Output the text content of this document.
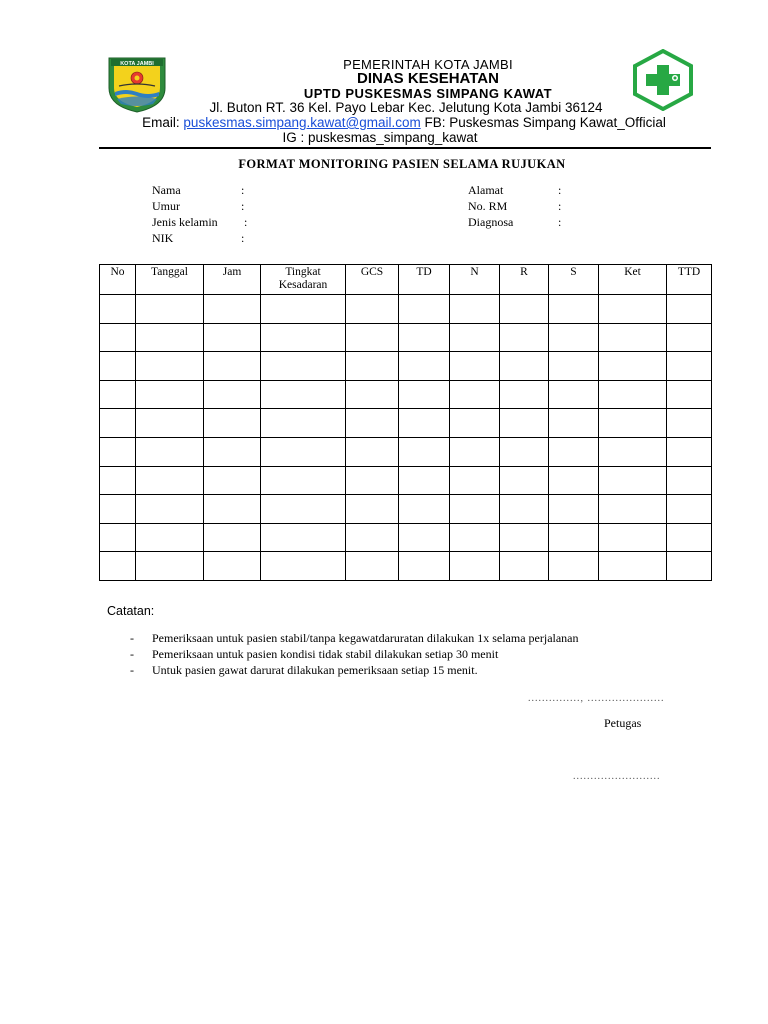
KOTA JAMBI	PEMERINTAH KOTA JAMBI
DINAS KESEHATAN
UPTD PUSKESMAS SIMPANG KAWAT
Jl. Buton RT. 36 Kel. Payo Lebar Kec. Jelutung Kota Jambi 36124
Email: puskesmas.simpang.kawat@gmail.com FB: Puskesmas Simpang Kawat_Official
IG : puskesmas_simpang_kawat
FORMAT MONITORING PASIEN SELAMA RUJUKAN
Nama	:
Umur	:
Jenis kelamin :
NIK	:
Alamat	:
No. RM	:
Diagnosa	:
No	Tanggal	Jam	Tingkat Kesadaran	GCS	TD	N	R	S	Ket	TTD

Catatan:
- Pemeriksaan untuk pasien stabil/tanpa kegawatdaruratan dilakukan 1x selama perjalanan
- Pemeriksaan untuk pasien kondisi tidak stabil dilakukan setiap 30 menit
- Untuk pasien gawat darurat dilakukan pemeriksaan setiap 15 menit.
..............., ......................
Petugas
.........................
